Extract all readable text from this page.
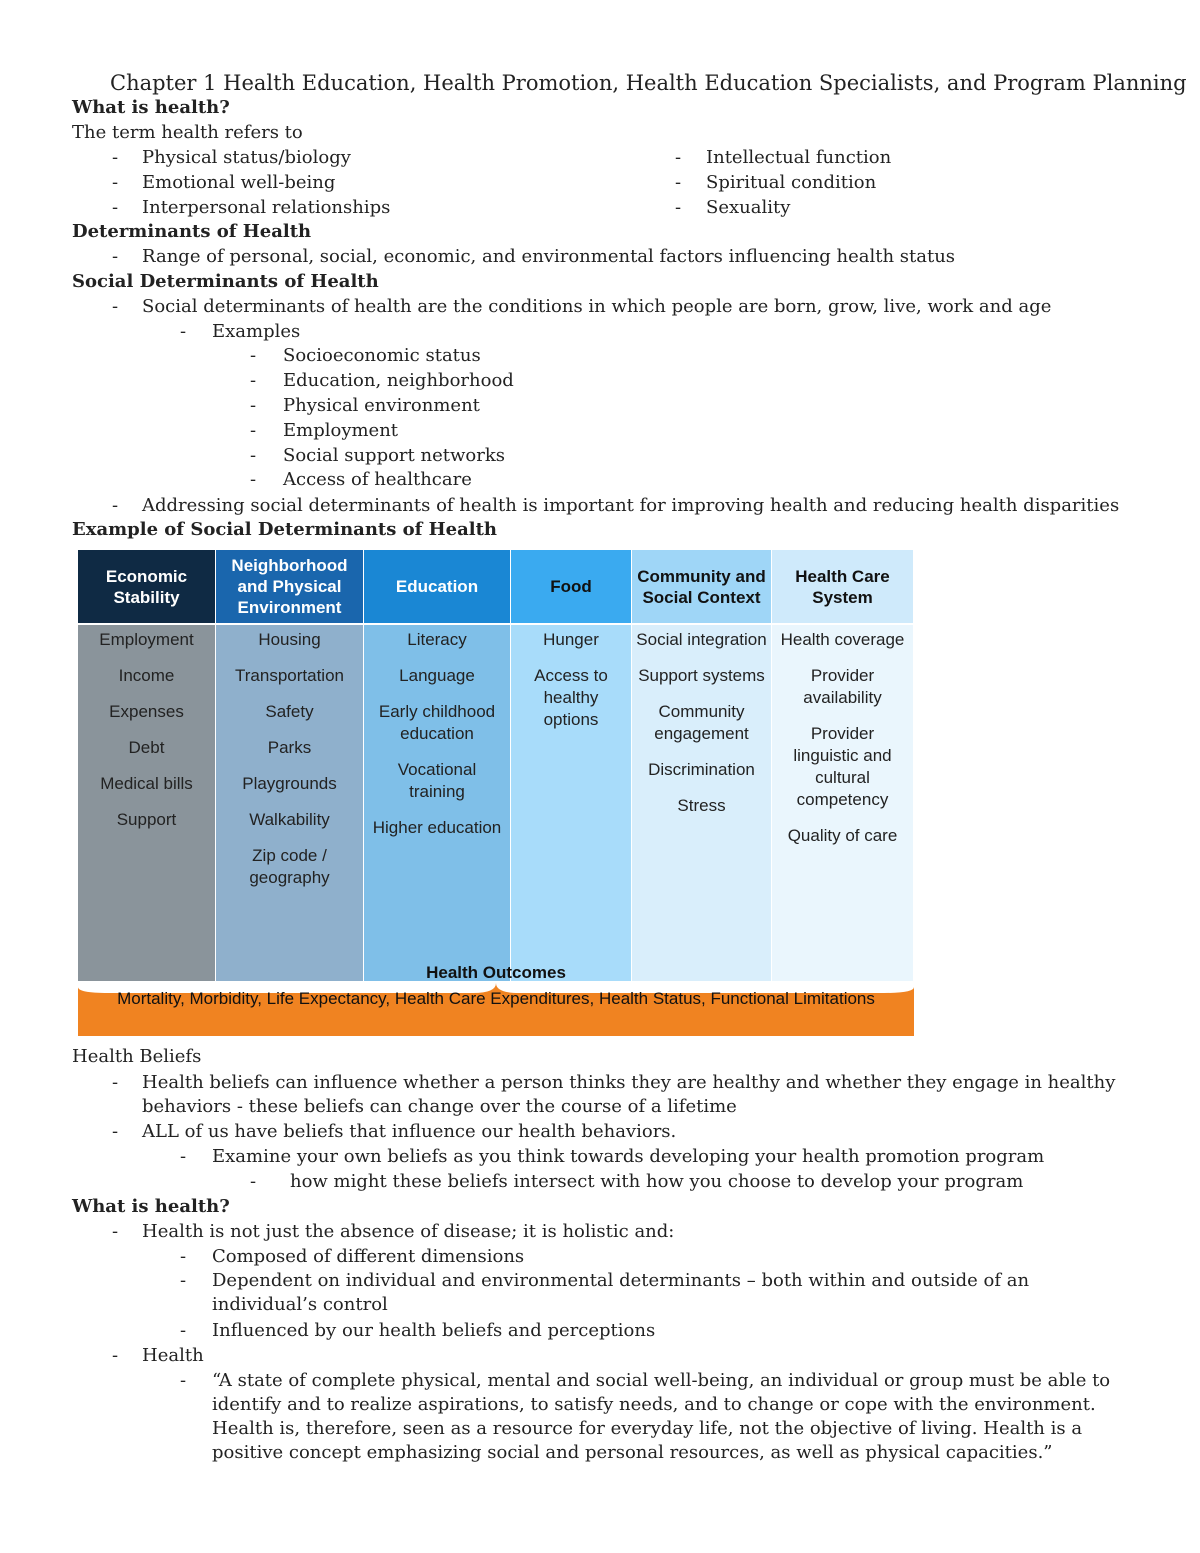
Chapter 1 Health Education, Health Promotion, Health Education Specialists, and Program Planning
What is health?
The term health refers to
- Physical status/biology
- Emotional well-being
- Interpersonal relationships
- Intellectual function
- Spiritual condition
- Sexuality
Determinants of Health
- Range of personal, social, economic, and environmental factors influencing health status
Social Determinants of Health
- Social determinants of health are the conditions in which people are born, grow, live, work and age
- Examples
- Socioeconomic status
- Education, neighborhood
- Physical environment
- Employment
- Social support networks
- Access of healthcare
- Addressing social determinants of health is important for improving health and reducing health disparities
Example of Social Determinants of Health
Economic Stability
Neighborhood and Physical Environment
Education	Food
Community and Social Context
Health Care System
Employment
Income
Expenses
Debt
Medical bills
Support
Housing
Transportation
Safety
Parks
Playgrounds
Walkability
Zip code / geography
Literacy
Language
Early childhood education
Vocational training
Higher education
Hunger
Access to healthy options
Social integration
Support systems
Community engagement
Discrimination
Stress
Health coverage
Provider availability
Provider linguistic and cultural competency
Quality of care
Health Outcomes
Mortality, Morbidity, Life Expectancy, Health Care Expenditures, Health Status, Functional Limitations
Health Beliefs
- Health beliefs can influence whether a person thinks they are healthy and whether they engage in healthy behaviors - these beliefs can change over the course of a lifetime
- ALL of us have beliefs that influence our health behaviors.
- Examine your own beliefs as you think towards developing your health promotion program
- how might these beliefs intersect with how you choose to develop your program
What is health?
- Health is not just the absence of disease; it is holistic and:
- Composed of different dimensions
- Dependent on individual and environmental determinants – both within and outside of an individual’s control
- Influenced by our health beliefs and perceptions
- Health
- “A state of complete physical, mental and social well-being, an individual or group must be able to identify and to realize aspirations, to satisfy needs, and to change or cope with the environment. Health is, therefore, seen as a resource for everyday life, not the objective of living. Health is a positive concept emphasizing social and personal resources, as well as physical capacities.”
